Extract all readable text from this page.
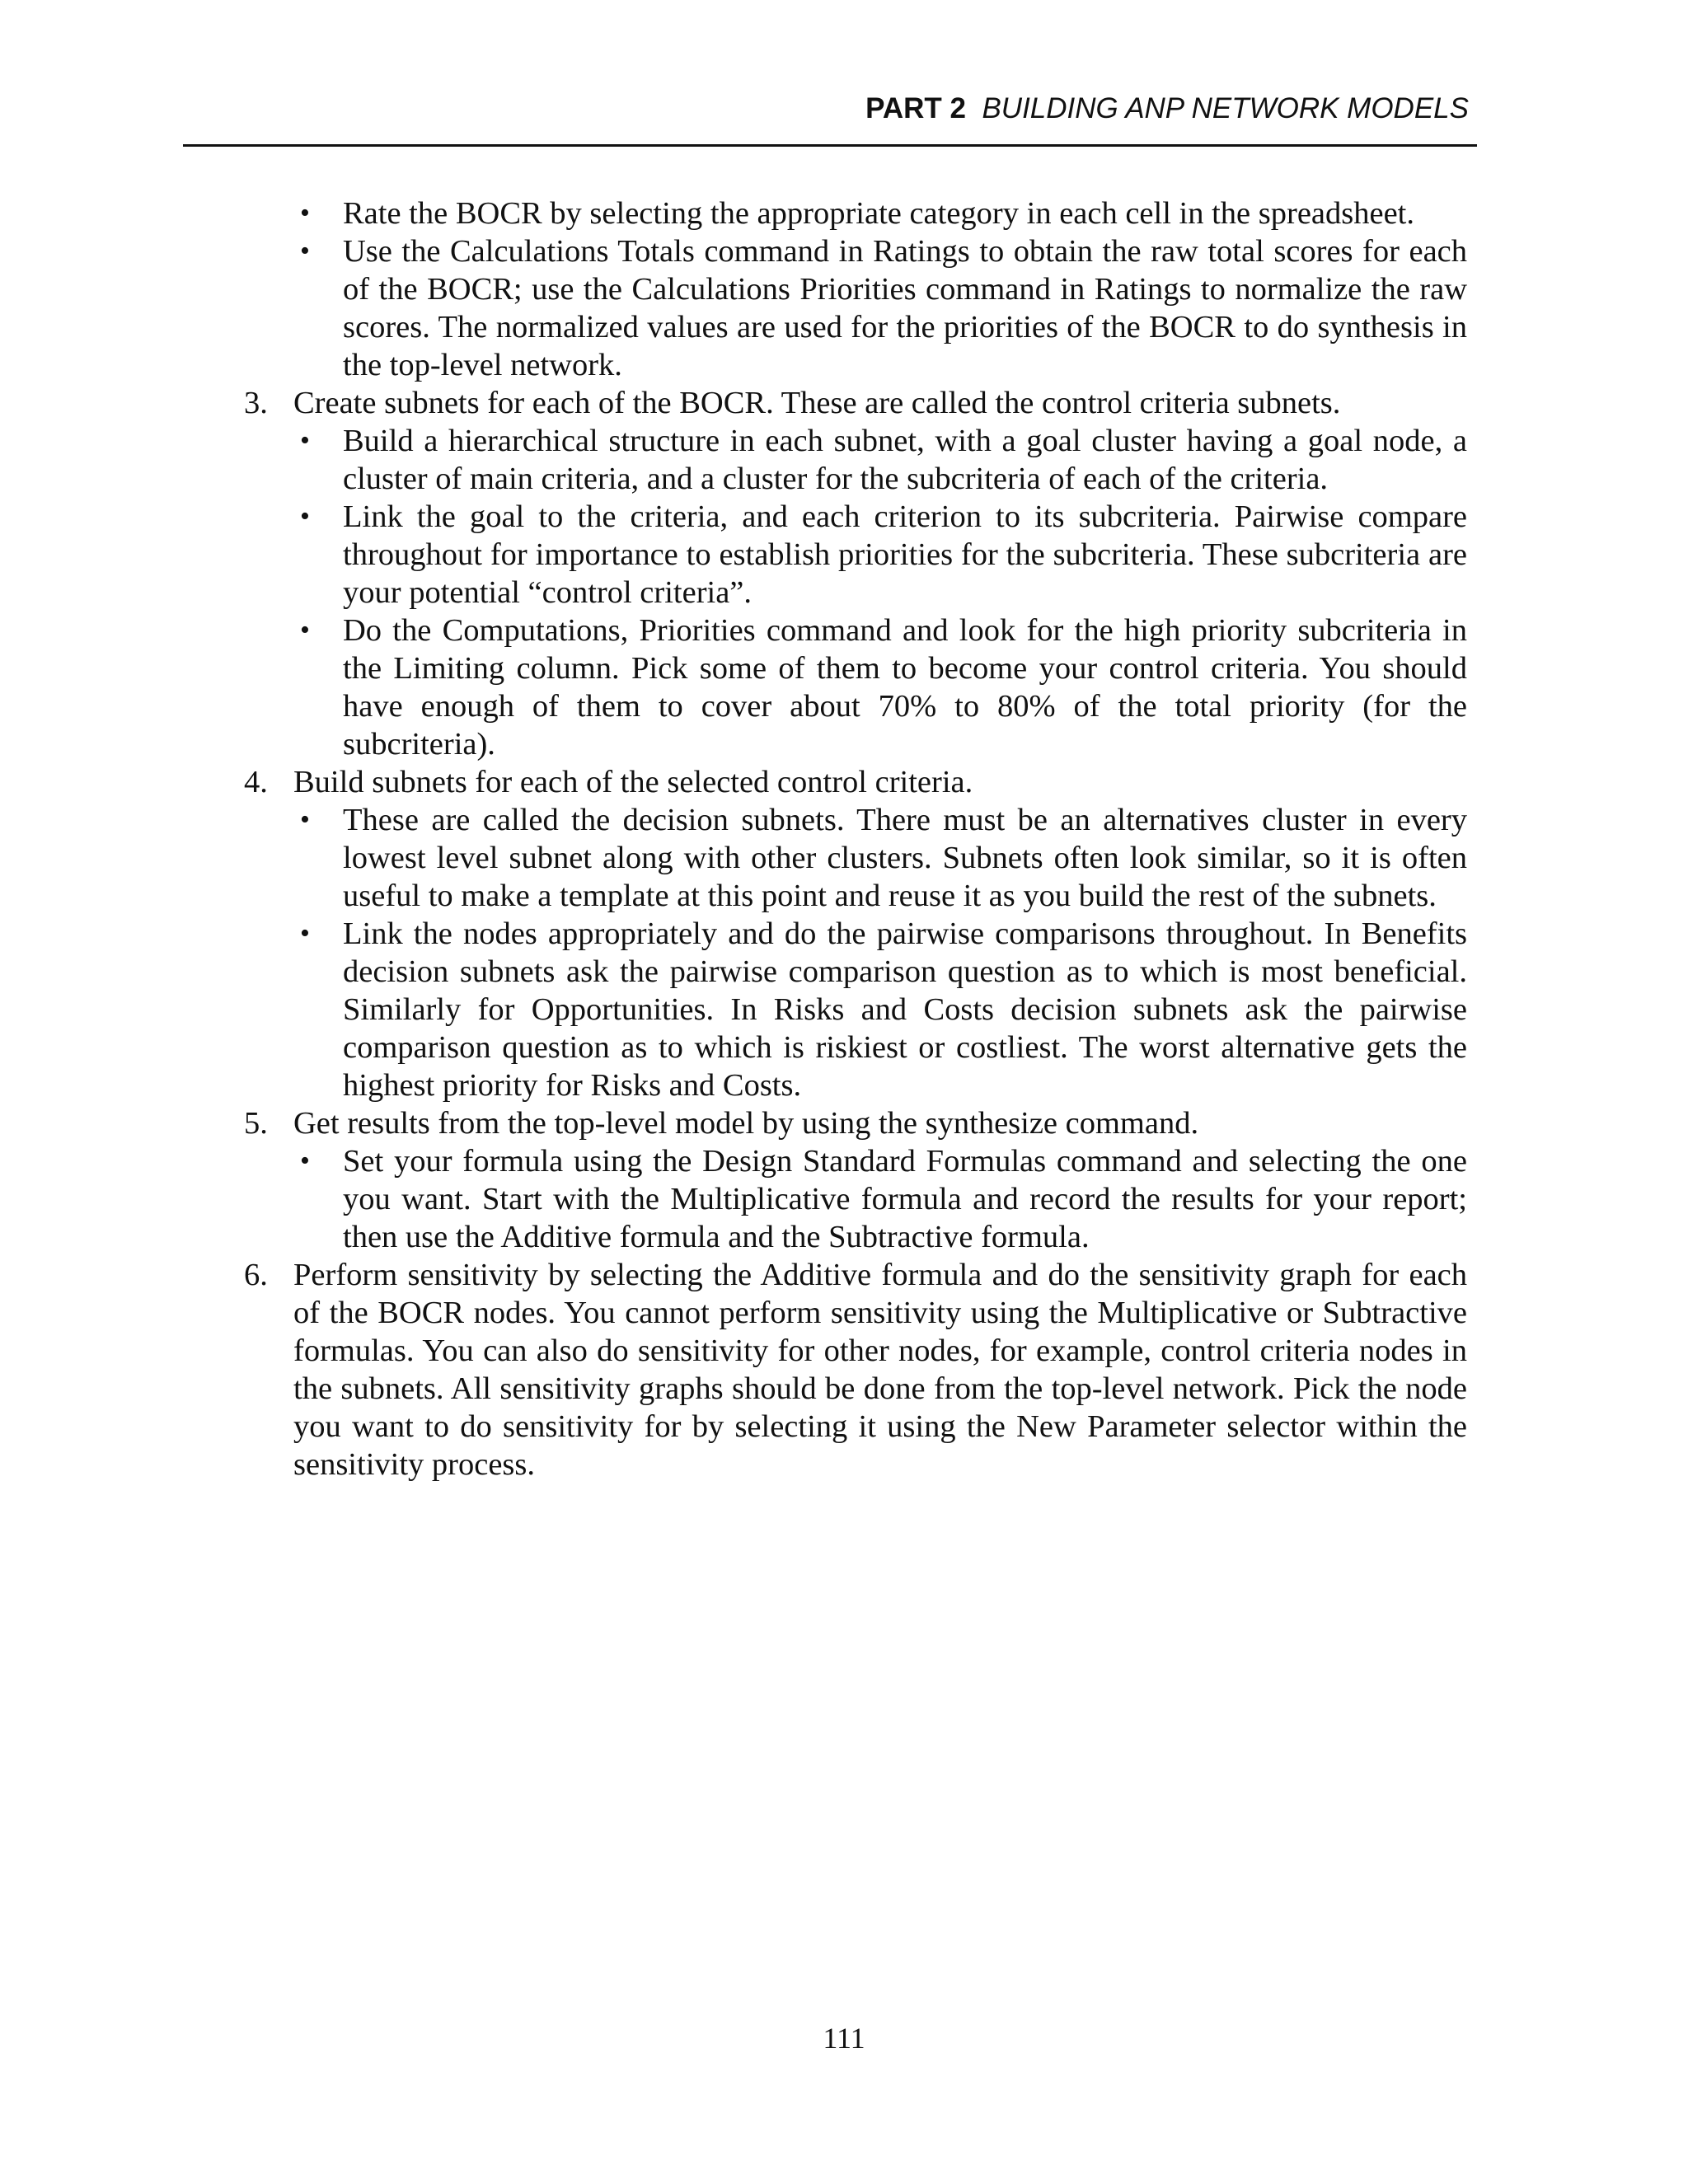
PART 2 BUILDING ANP NETWORK MODELS
• Rate the BOCR by selecting the appropriate category in each cell in the spreadsheet.
• Use the Calculations Totals command in Ratings to obtain the raw total scores for each of the BOCR; use the Calculations Priorities command in Ratings to normalize the raw scores. The normalized values are used for the priorities of the BOCR to do synthesis in the top-level network.
3. Create subnets for each of the BOCR. These are called the control criteria subnets.
• Build a hierarchical structure in each subnet, with a goal cluster having a goal node, a cluster of main criteria, and a cluster for the subcriteria of each of the criteria.
• Link the goal to the criteria, and each criterion to its subcriteria. Pairwise compare throughout for importance to establish priorities for the subcriteria. These subcriteria are your potential “control criteria”.
• Do the Computations, Priorities command and look for the high priority subcriteria in the Limiting column. Pick some of them to become your control criteria. You should have enough of them to cover about 70% to 80% of the total priority (for the subcriteria).
4. Build subnets for each of the selected control criteria.
• These are called the decision subnets. There must be an alternatives cluster in every lowest level subnet along with other clusters. Subnets often look similar, so it is often useful to make a template at this point and reuse it as you build the rest of the subnets.
• Link the nodes appropriately and do the pairwise comparisons throughout. In Benefits decision subnets ask the pairwise comparison question as to which is most beneficial. Similarly for Opportunities. In Risks and Costs decision subnets ask the pairwise comparison question as to which is riskiest or costliest. The worst alternative gets the highest priority for Risks and Costs.
5. Get results from the top-level model by using the synthesize command.
• Set your formula using the Design Standard Formulas command and selecting the one you want. Start with the Multiplicative formula and record the results for your report; then use the Additive formula and the Subtractive formula.
6. Perform sensitivity by selecting the Additive formula and do the sensitivity graph for each of the BOCR nodes. You cannot perform sensitivity using the Multiplicative or Subtractive formulas. You can also do sensitivity for other nodes, for example, control criteria nodes in the subnets. All sensitivity graphs should be done from the top-level network. Pick the node you want to do sensitivity for by selecting it using the New Parameter selector within the sensitivity process.
111
